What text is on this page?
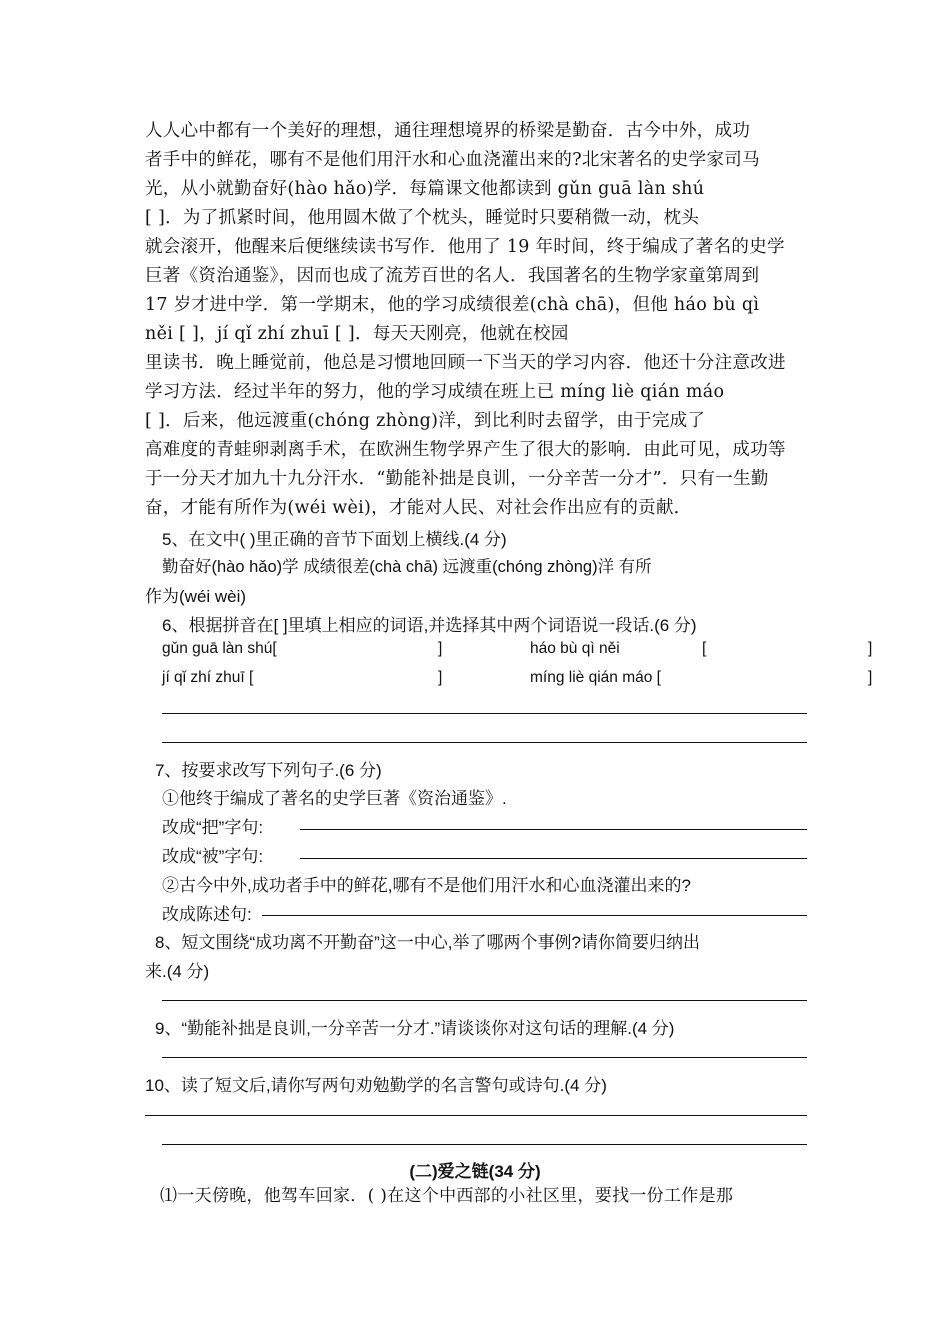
人人心中都有一个美好的理想，通往理想境界的桥梁是勤奋．古今中外，成功
者手中的鲜花，哪有不是他们用汗水和心血浇灌出来的?北宋著名的史学家司马
光，从小就勤奋好(hào hǎo)学．每篇课文他都读到 gǔn guā làn shú
[ ]．为了抓紧时间，他用圆木做了个枕头，睡觉时只要稍微一动，枕头
就会滚开，他醒来后便继续读书写作．他用了 19 年时间，终于编成了著名的史学
巨著《资治通鉴》，因而也成了流芳百世的名人．我国著名的生物学家童第周到
17 岁才进中学．第一学期末，他的学习成绩很差(chà chā)，但他 háo bù qì
něi [ ]，jí qǐ zhí zhuī [ ]．每天天刚亮，他就在校园
里读书．晚上睡觉前，他总是习惯地回顾一下当天的学习内容．他还十分注意改进
学习方法．经过半年的努力，他的学习成绩在班上已 míng liè qián máo
[ ]．后来，他远渡重(chóng zhòng)洋，到比利时去留学，由于完成了
高难度的青蛙卵剥离手术，在欧洲生物学界产生了很大的影响．由此可见，成功等
于一分天才加九十九分汗水．“勤能补拙是良训，一分辛苦一分才”．只有一生勤
奋，才能有所作为(wéi wèi)，才能对人民、对社会作出应有的贡献．
5、在文中( )里正确的音节下面划上横线.(4 分)
勤奋好(hào hǎo)学 成绩很差(chà chā) 远渡重(chóng zhòng)洋 有所
作为(wéi wèi)
6、根据拼音在[ ]里填上相应的词语,并选择其中两个词语说一段话.(6 分)
gǔn guā làn shú[	]	háo bù qì něi	[	]
jí qǐ zhí zhuī [	]	míng liè qián máo [	]
7、按要求改写下列句子.(6 分)
①他终于编成了著名的史学巨著《资治通鉴》.
改成“把”字句:
改成“被”字句:
②古今中外,成功者手中的鲜花,哪有不是他们用汗水和心血浇灌出来的?
改成陈述句:
8、短文围绕“成功离不开勤奋”这一中心,举了哪两个事例?请你简要归纳出
来.(4 分)
9、“勤能补拙是良训,一分辛苦一分才.”请谈谈你对这句话的理解.(4 分)
10、读了短文后,请你写两句劝勉勤学的名言警句或诗句.(4 分)
(二)爱之链(34 分)
⑴一天傍晚，他驾车回家．( )在这个中西部的小社区里，要找一份工作是那
